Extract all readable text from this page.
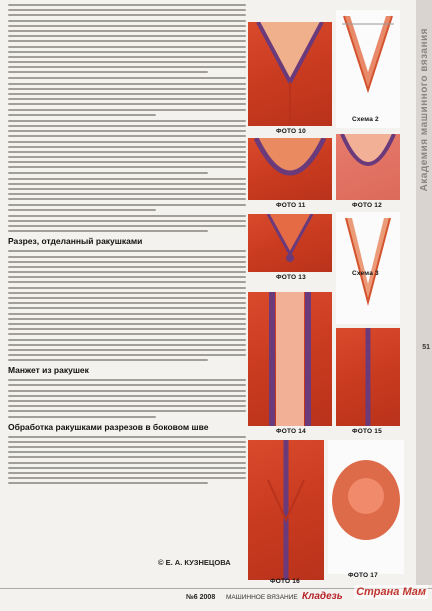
Разрез, отделанный ракушками
Манжет из ракушек
Обработка ракушками разрезов в боковом шве
© Е. А. КУЗНЕЦОВА
ФОТО 10
Схема 2
ФОТО 11	ФОТО 12
ФОТО 13
Схема 3
ФОТО 14	ФОТО 15
ФОТО 16
ФОТО 17
Академия машинного вязания
51
№6 2008 МАШИННОЕ ВЯЗАНИЕ Кладезь Страна Мам
